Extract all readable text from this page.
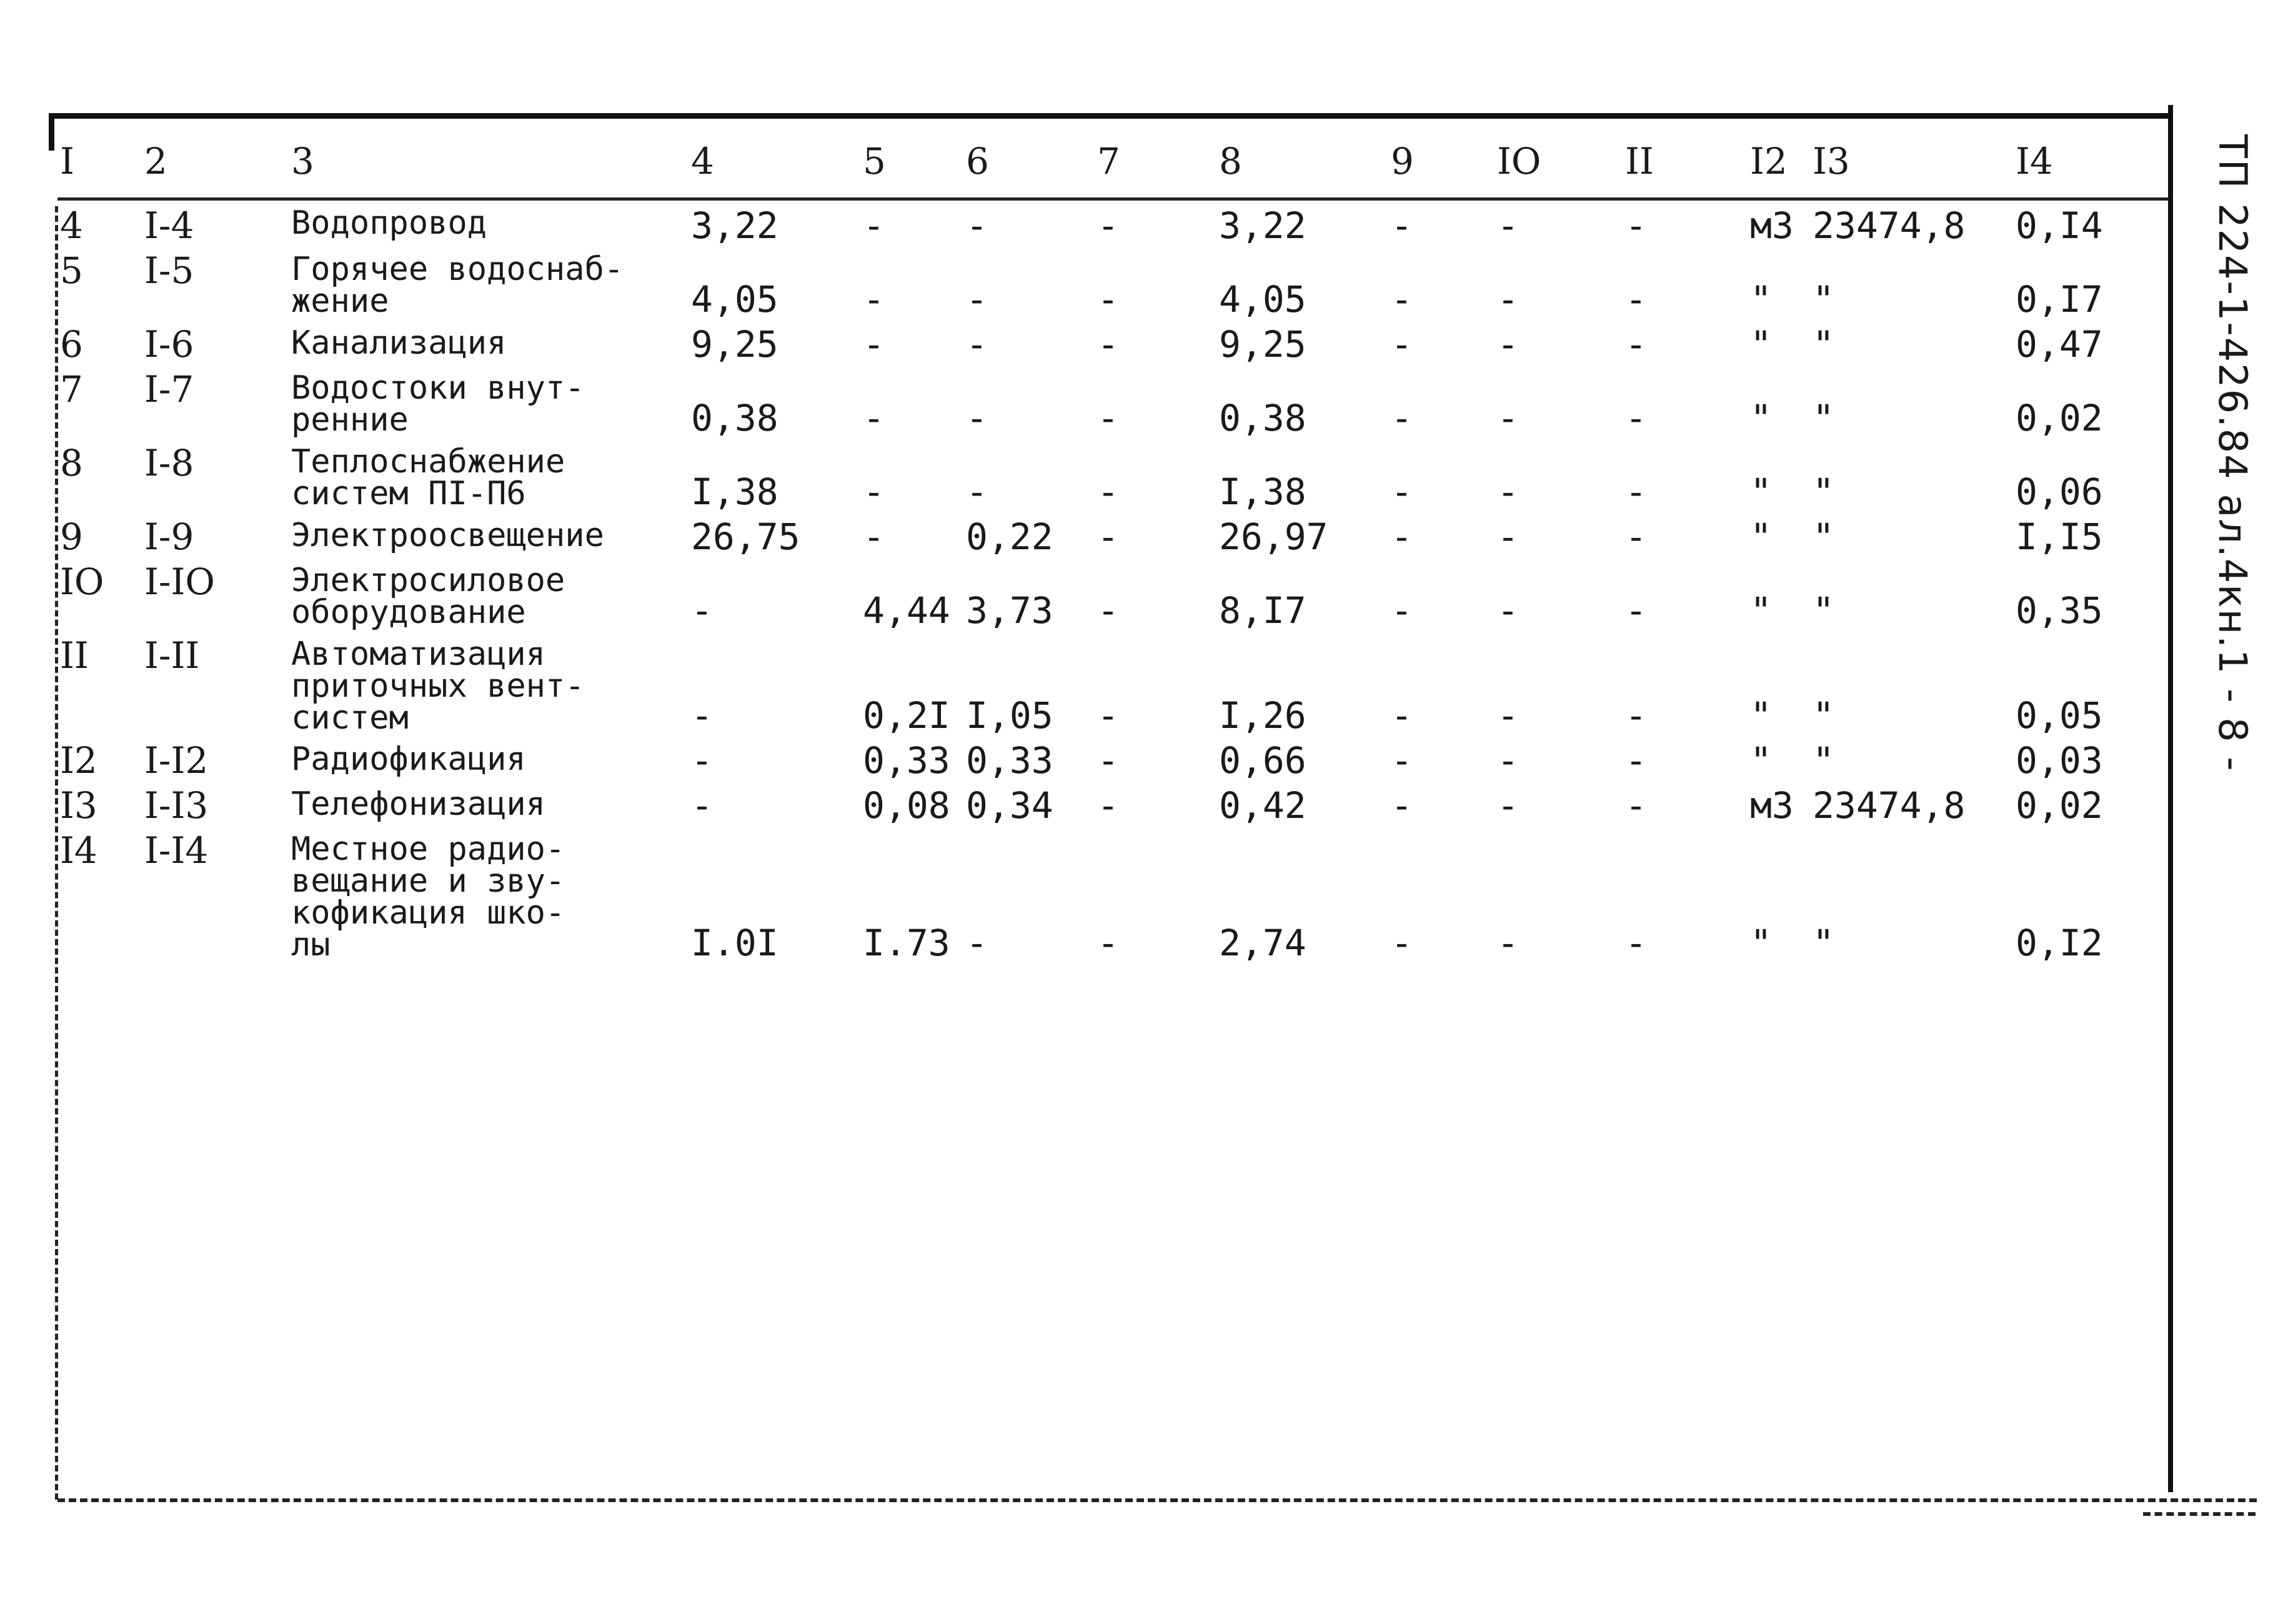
I	2	3	4	5	6	7	8	9	IO	II	I2	I3	I4
4	I-4	Водопровод	3,22	-	-	-	3,22	-	-	-	м3	23474,8	0,I4
5	I-5	Горячее водоснаб-
жение	4,05	-	-	-	4,05	-	-	-	"	"	0,I7
6	I-6	Канализация	9,25	-	-	-	9,25	-	-	-	"	"	0,47
7	I-7	Водостоки внут-
ренние	0,38	-	-	-	0,38	-	-	-	"	"	0,02
8	I-8	Теплоснабжение
систем ПI-П6	I,38	-	-	-	I,38	-	-	-	"	"	0,06
9	I-9	Электроосвещение	26,75	-	0,22	-	26,97	-	-	-	"	"	I,I5
IO	I-IO	Электросиловое
оборудование	-	4,44	3,73	-	8,I7	-	-	-	"	"	0,35
II	I-II	Автоматизация
приточных вент-
систем	-	0,2I	I,05	-	I,26	-	-	-	"	"	0,05
I2	I-I2	Радиофикация	-	0,33	0,33	-	0,66	-	-	-	"	"	0,03
I3	I-I3	Телефонизация	-	0,08	0,34	-	0,42	-	-	-	м3	23474,8	0,02
I4	I-I4	Местное радио-
вещание и зву-
кофикация шко-
лы	I.0I	I.73	-	-	2,74	-	-	-	"	"	0,I2
ТП 224-1-426.84 ал.4кн.1 - 8 -
